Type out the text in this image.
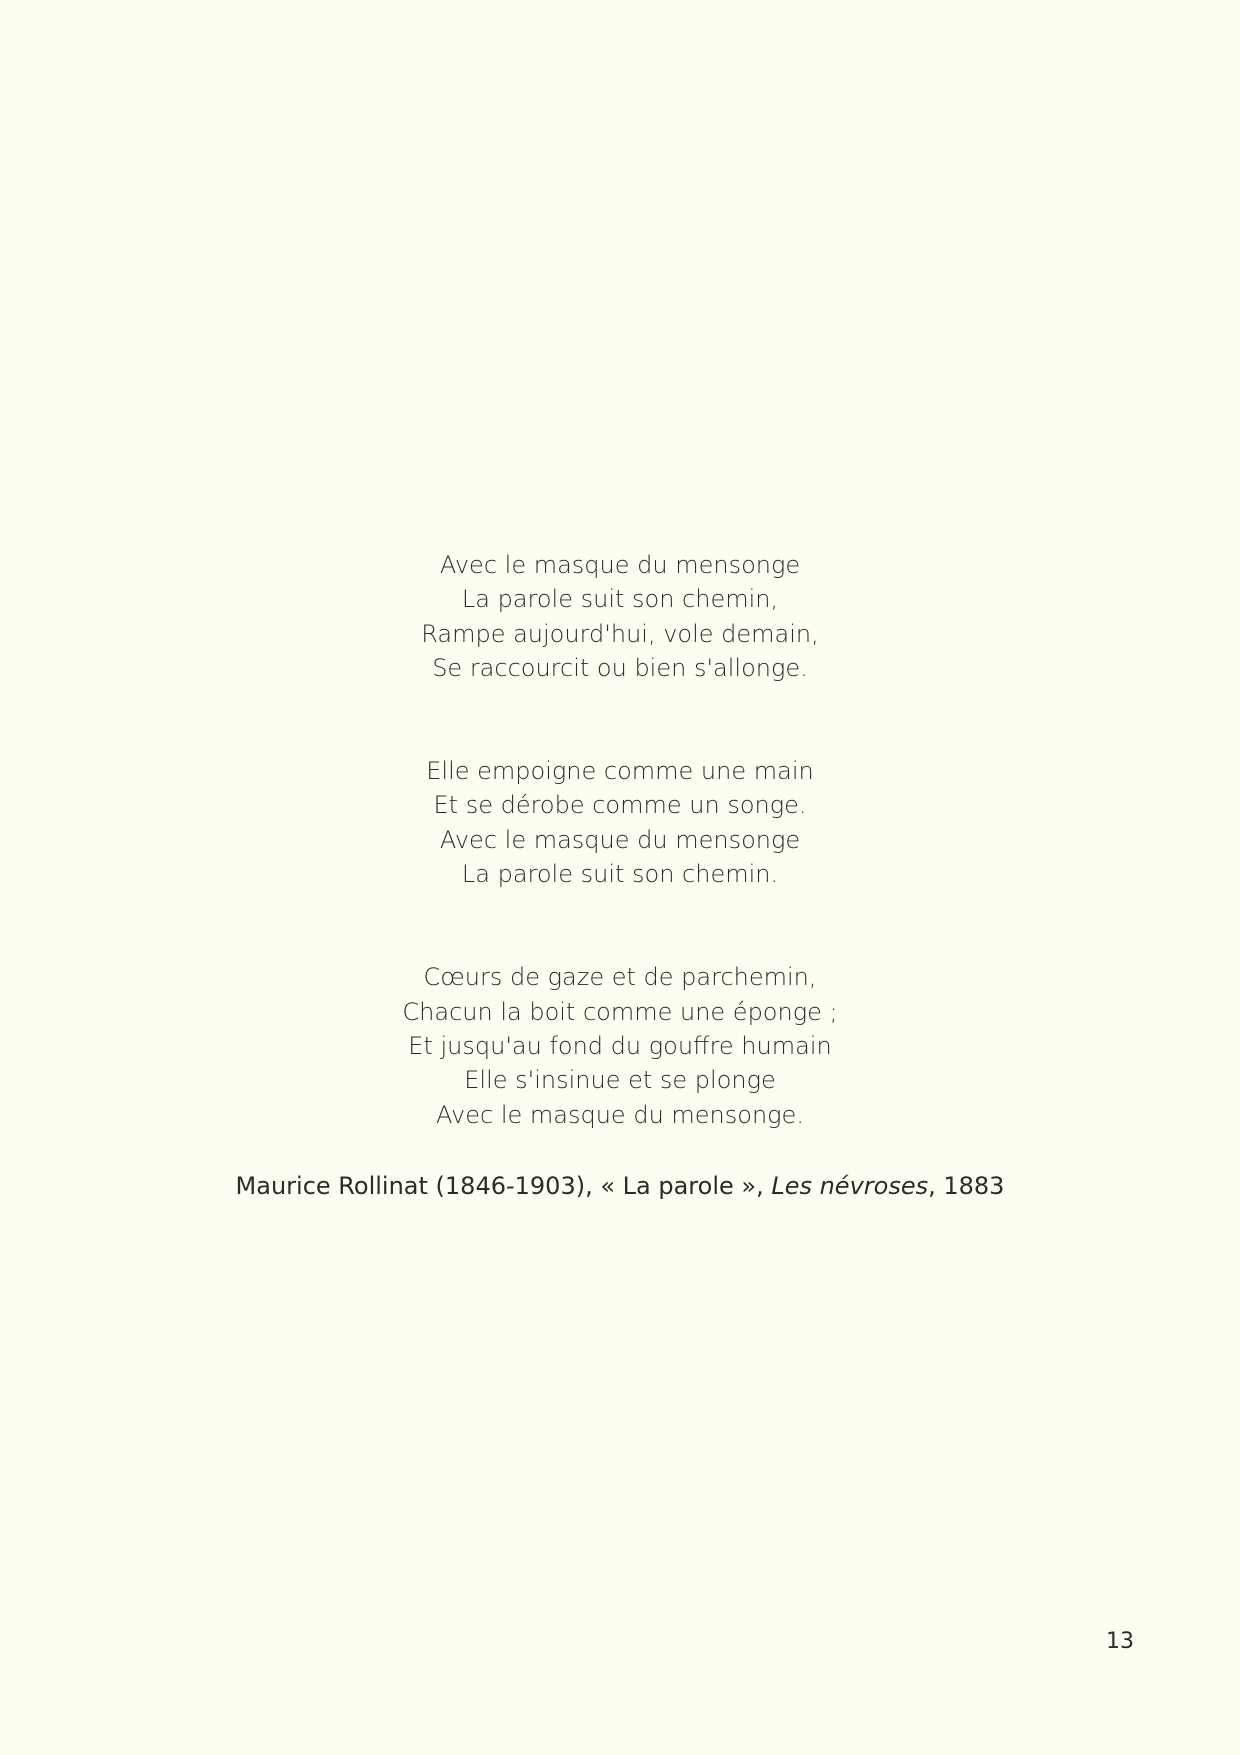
Avec le masque du mensonge
La parole suit son chemin,
Rampe aujourd'hui, vole demain,
Se raccourcit ou bien s'allonge.
Elle empoigne comme une main
Et se dérobe comme un songe.
Avec le masque du mensonge
La parole suit son chemin.
Cœurs de gaze et de parchemin,
Chacun la boit comme une éponge ;
Et jusqu'au fond du gouffre humain
Elle s'insinue et se plonge
Avec le masque du mensonge.
Maurice Rollinat (1846-1903), « La parole », Les névroses, 1883
13
